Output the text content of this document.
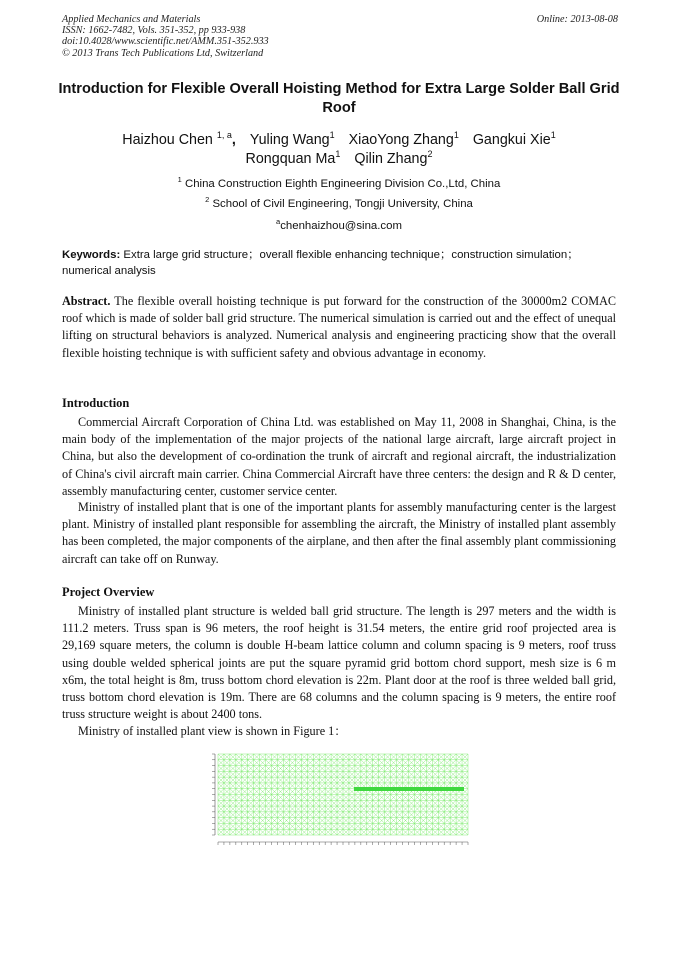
Applied Mechanics and Materials
ISSN: 1662-7482, Vols. 351-352, pp 933-938
doi:10.4028/www.scientific.net/AMM.351-352.933
© 2013 Trans Tech Publications Ltd, Switzerland
Online: 2013-08-08
Introduction for Flexible Overall Hoisting Method for Extra Large Solder Ball Grid Roof
Haizhou Chen $^{1, a}$, Yuling Wang$^1$ XiaoYong Zhang$^1$ Gangkui Xie$^1$
Rongquan Ma$^1$ Qilin Zhang$^2$
$^1$ China Construction Eighth Engineering Division Co.,Ltd, China
$^2$ School of Civil Engineering, Tongji University, China
$^a$chenhaizhou@sina.com
Keywords: Extra large grid structure；overall flexible enhancing technique；construction simulation；numerical analysis
Abstract. The flexible overall hoisting technique is put forward for the construction of the 30000m2 COMAC roof which is made of solder ball grid structure. The numerical simulation is carried out and the effect of unequal lifting on structural behaviors is analyzed. Numerical analysis and engineering practicing show that the overall flexible hoisting technique is with sufficient safety and obvious advantage in economy.
Introduction

Commercial Aircraft Corporation of China Ltd. was established on May 11, 2008 in Shanghai, China, is the main body of the implementation of the major projects of the national large aircraft, large aircraft project in China, but also the development of co-ordination the trunk of aircraft and regional aircraft, the industrialization of China's civil aircraft main carrier. China Commercial Aircraft have three centers: the design and R & D center, assembly manufacturing center, customer service center.

Ministry of installed plant that is one of the important plants for assembly manufacturing center is the largest plant. Ministry of installed plant responsible for assembling the aircraft, the Ministry of installed plant assembly has been completed, the major components of the airplane, and then after the final assembly plant commissioning aircraft can take off on Runway.

Project Overview

Ministry of installed plant structure is welded ball grid structure. The length is 297 meters and the width is 111.2 meters. Truss span is 96 meters, the roof height is 31.54 meters, the entire grid roof projected area is 29,169 square meters, the column is double H-beam lattice column and column spacing is 9 meters, roof truss using double welded spherical joints are put the square pyramid grid bottom chord support, mesh size is 6 m x6m, the total height is 8m, truss bottom chord elevation is 22m. Plant door at the roof is three welded ball grid, truss bottom chord elevation is 19m. There are 68 columns and the column spacing is 9 meters, the entire roof truss structure weight is about 2400 tons.

Ministry of installed plant view is shown in Figure 1：
